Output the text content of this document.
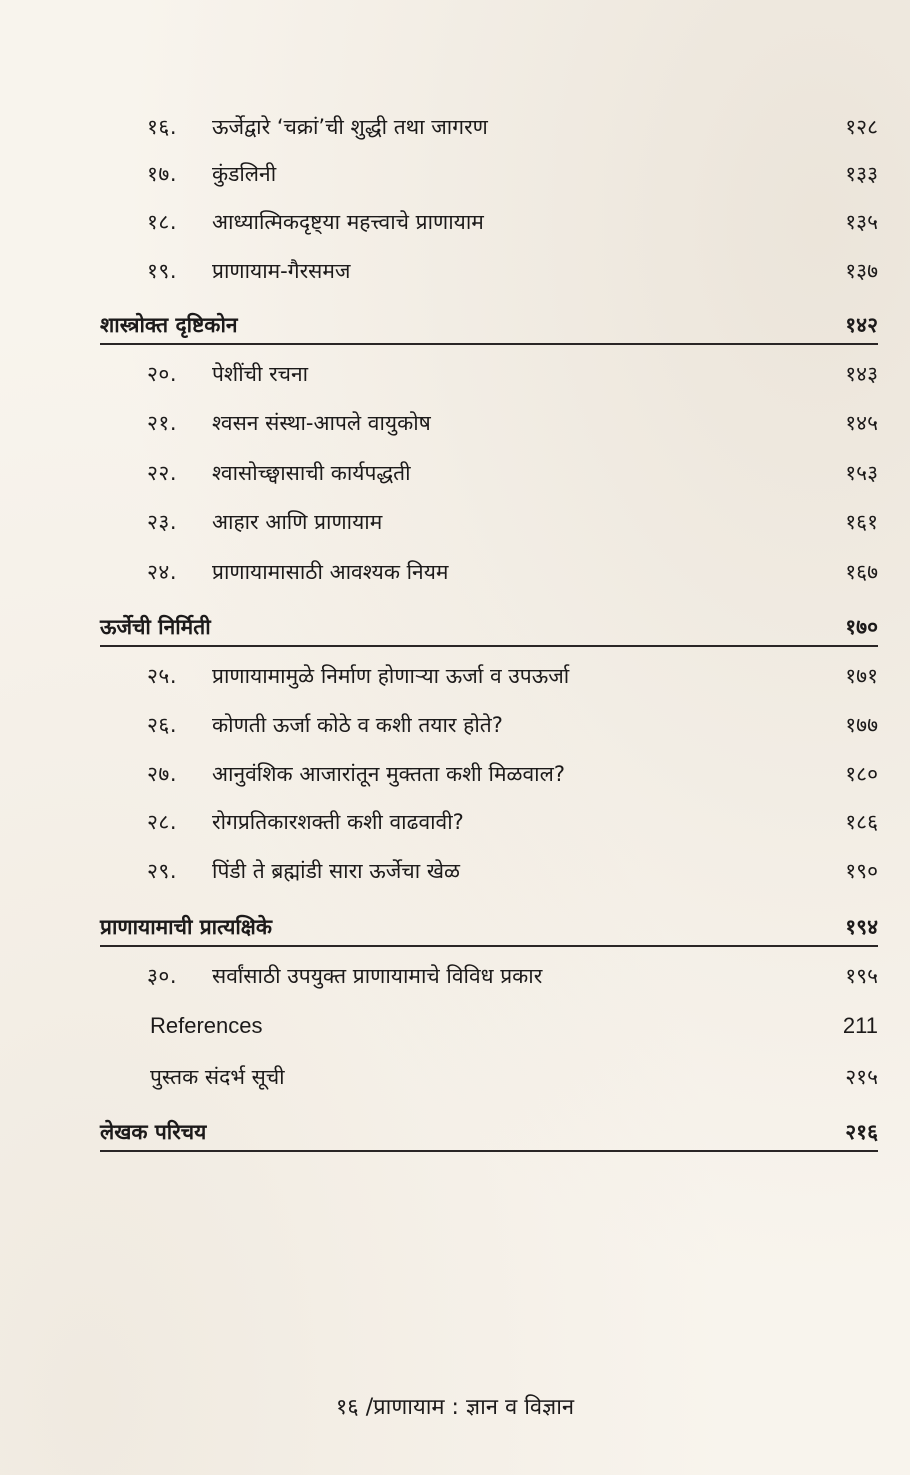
१६. ऊर्जेद्वारे ‘चक्रां’ची शुद्धी तथा जागरण	१२८
१७. कुंडलिनी	१३३
१८. आध्यात्मिकदृष्ट्या महत्त्वाचे प्राणायाम	१३५
१९. प्राणायाम-गैरसमज	१३७
शास्त्रोक्त दृष्टिकोन	१४२
२०. पेशींची रचना	१४३
२१. श्वसन संस्था-आपले वायुकोष	१४५
२२. श्वासोच्छ्वासाची कार्यपद्धती	१५३
२३. आहार आणि प्राणायाम	१६१
२४. प्राणायामासाठी आवश्यक नियम	१६७
ऊर्जेची निर्मिती	१७०
२५. प्राणायामामुळे निर्माण होणाऱ्या ऊर्जा व उपऊर्जा	१७१
२६. कोणती ऊर्जा कोठे व कशी तयार होते?	१७७
२७. आनुवंशिक आजारांतून मुक्तता कशी मिळवाल?	१८०
२८. रोगप्रतिकारशक्ती कशी वाढवावी?	१८६
२९. पिंडी ते ब्रह्मांडी सारा ऊर्जेचा खेळ	१९०
प्राणायामाची प्रात्यक्षिके	१९४
३०. सर्वांसाठी उपयुक्त प्राणायामाचे विविध प्रकार	१९५
References	211
पुस्तक संदर्भ सूची	२१५
लेखक परिचय	२१६
१६ /प्राणायाम : ज्ञान व विज्ञान
